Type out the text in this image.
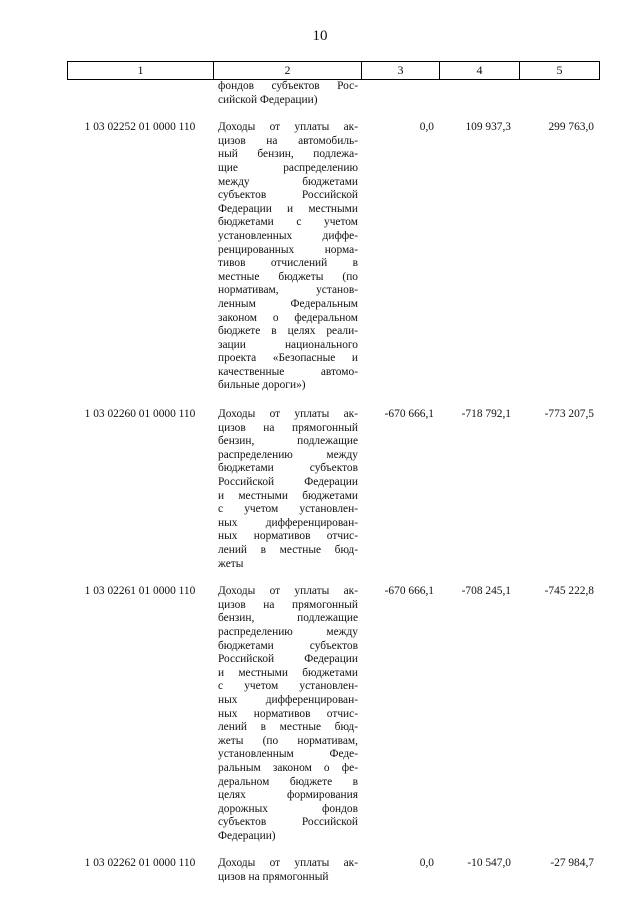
10
1	2	3	4	5
фондов субъектов Рос-
сийской Федерации)
1 03 02252 01 0000 110	Доходы от уплаты ак-
цизов на автомобиль-
ный бензин, подлежа-
щие распределению
между бюджетами
субъектов Российской
Федерации и местными
бюджетами с учетом
установленных диффе-
ренцированных норма-
тивов отчислений в
местные бюджеты (по
нормативам, установ-
ленным Федеральным
законом о федеральном
бюджете в целях реали-
зации национального
проекта «Безопасные и
качественные автомо-
бильные дороги»)
0,0	109 937,3	299 763,0
1 03 02260 01 0000 110	Доходы от уплаты ак-
цизов на прямогонный
бензин, подлежащие
распределению между
бюджетами субъектов
Российской Федерации
и местными бюджетами
с учетом установлен-
ных дифференцирован-
ных нормативов отчис-
лений в местные бюд-
жеты
-670 666,1	-718 792,1	-773 207,5
1 03 02261 01 0000 110	Доходы от уплаты ак-
цизов на прямогонный
бензин, подлежащие
распределению между
бюджетами субъектов
Российской Федерации
и местными бюджетами
с учетом установлен-
ных дифференцирован-
ных нормативов отчис-
лений в местные бюд-
жеты (по нормативам,
установленным Феде-
ральным законом о фе-
деральном бюджете в
целях формирования
дорожных фондов
субъектов Российской
Федерации)
-670 666,1	-708 245,1	-745 222,8
1 03 02262 01 0000 110	Доходы от уплаты ак-
цизов на прямогонный
0,0	-10 547,0	-27 984,7
